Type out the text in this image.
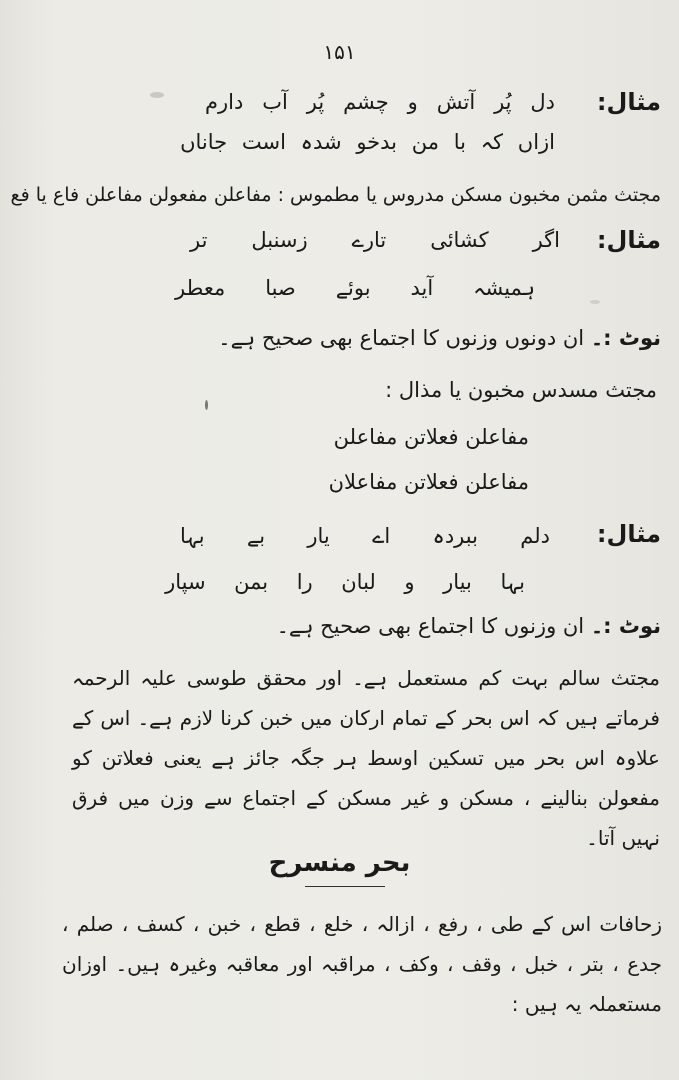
۱۵۱
مثال:
دل
پُر
آتش
و
چشم
پُر
آب
دارم
ازاں
کہ
با
من
بدخو
شدہ
است
جاناں
مجتث مثمن مخبون مسکن مدروس یا مطموس : مفاعلن مفعولن مفاعلن فاع یا فع
مثال:
اگر
کشائی
تارے
زسنبل
تر
ہمیشہ
آید
بوئے
صبا
معطر
نوٹ :۔ ان دونوں وزنوں کا اجتماع بھی صحیح ہے۔
مجتث مسدس مخبون یا مذال :
مفاعلن فعلاتن مفاعلن
مفاعلن فعلاتن مفاعلان
مثال:
دلم
ببردہ
اے
یار
بے
بہا
بہا
بیار
و
لبان
را
بمن
سپار
نوٹ :۔ ان وزنوں کا اجتماع بھی صحیح ہے۔
مجتث سالم بہت کم مستعمل ہے۔ اور محقق طوسی علیہ الرحمہ فرماتے ہیں کہ اس بحر کے تمام ارکان میں خبن کرنا لازم ہے۔ اس کے علاوہ اس بحر میں تسکین اوسط ہر جگہ جائز ہے یعنی فعلاتن کو مفعولن بنالینے ، مسکن و غیر مسکن کے اجتماع سے وزن میں فرق نہیں آتا۔
بحر منسرح
زحافات اس کے طی ، رفع ، ازالہ ، خلع ، قطع ، خبن ، کسف ، صلم ، جدع ، بتر ، خبل ، وقف ، وکف ، مراقبہ اور معاقبہ وغیرہ ہیں۔ اوزان مستعملہ یہ ہیں :
